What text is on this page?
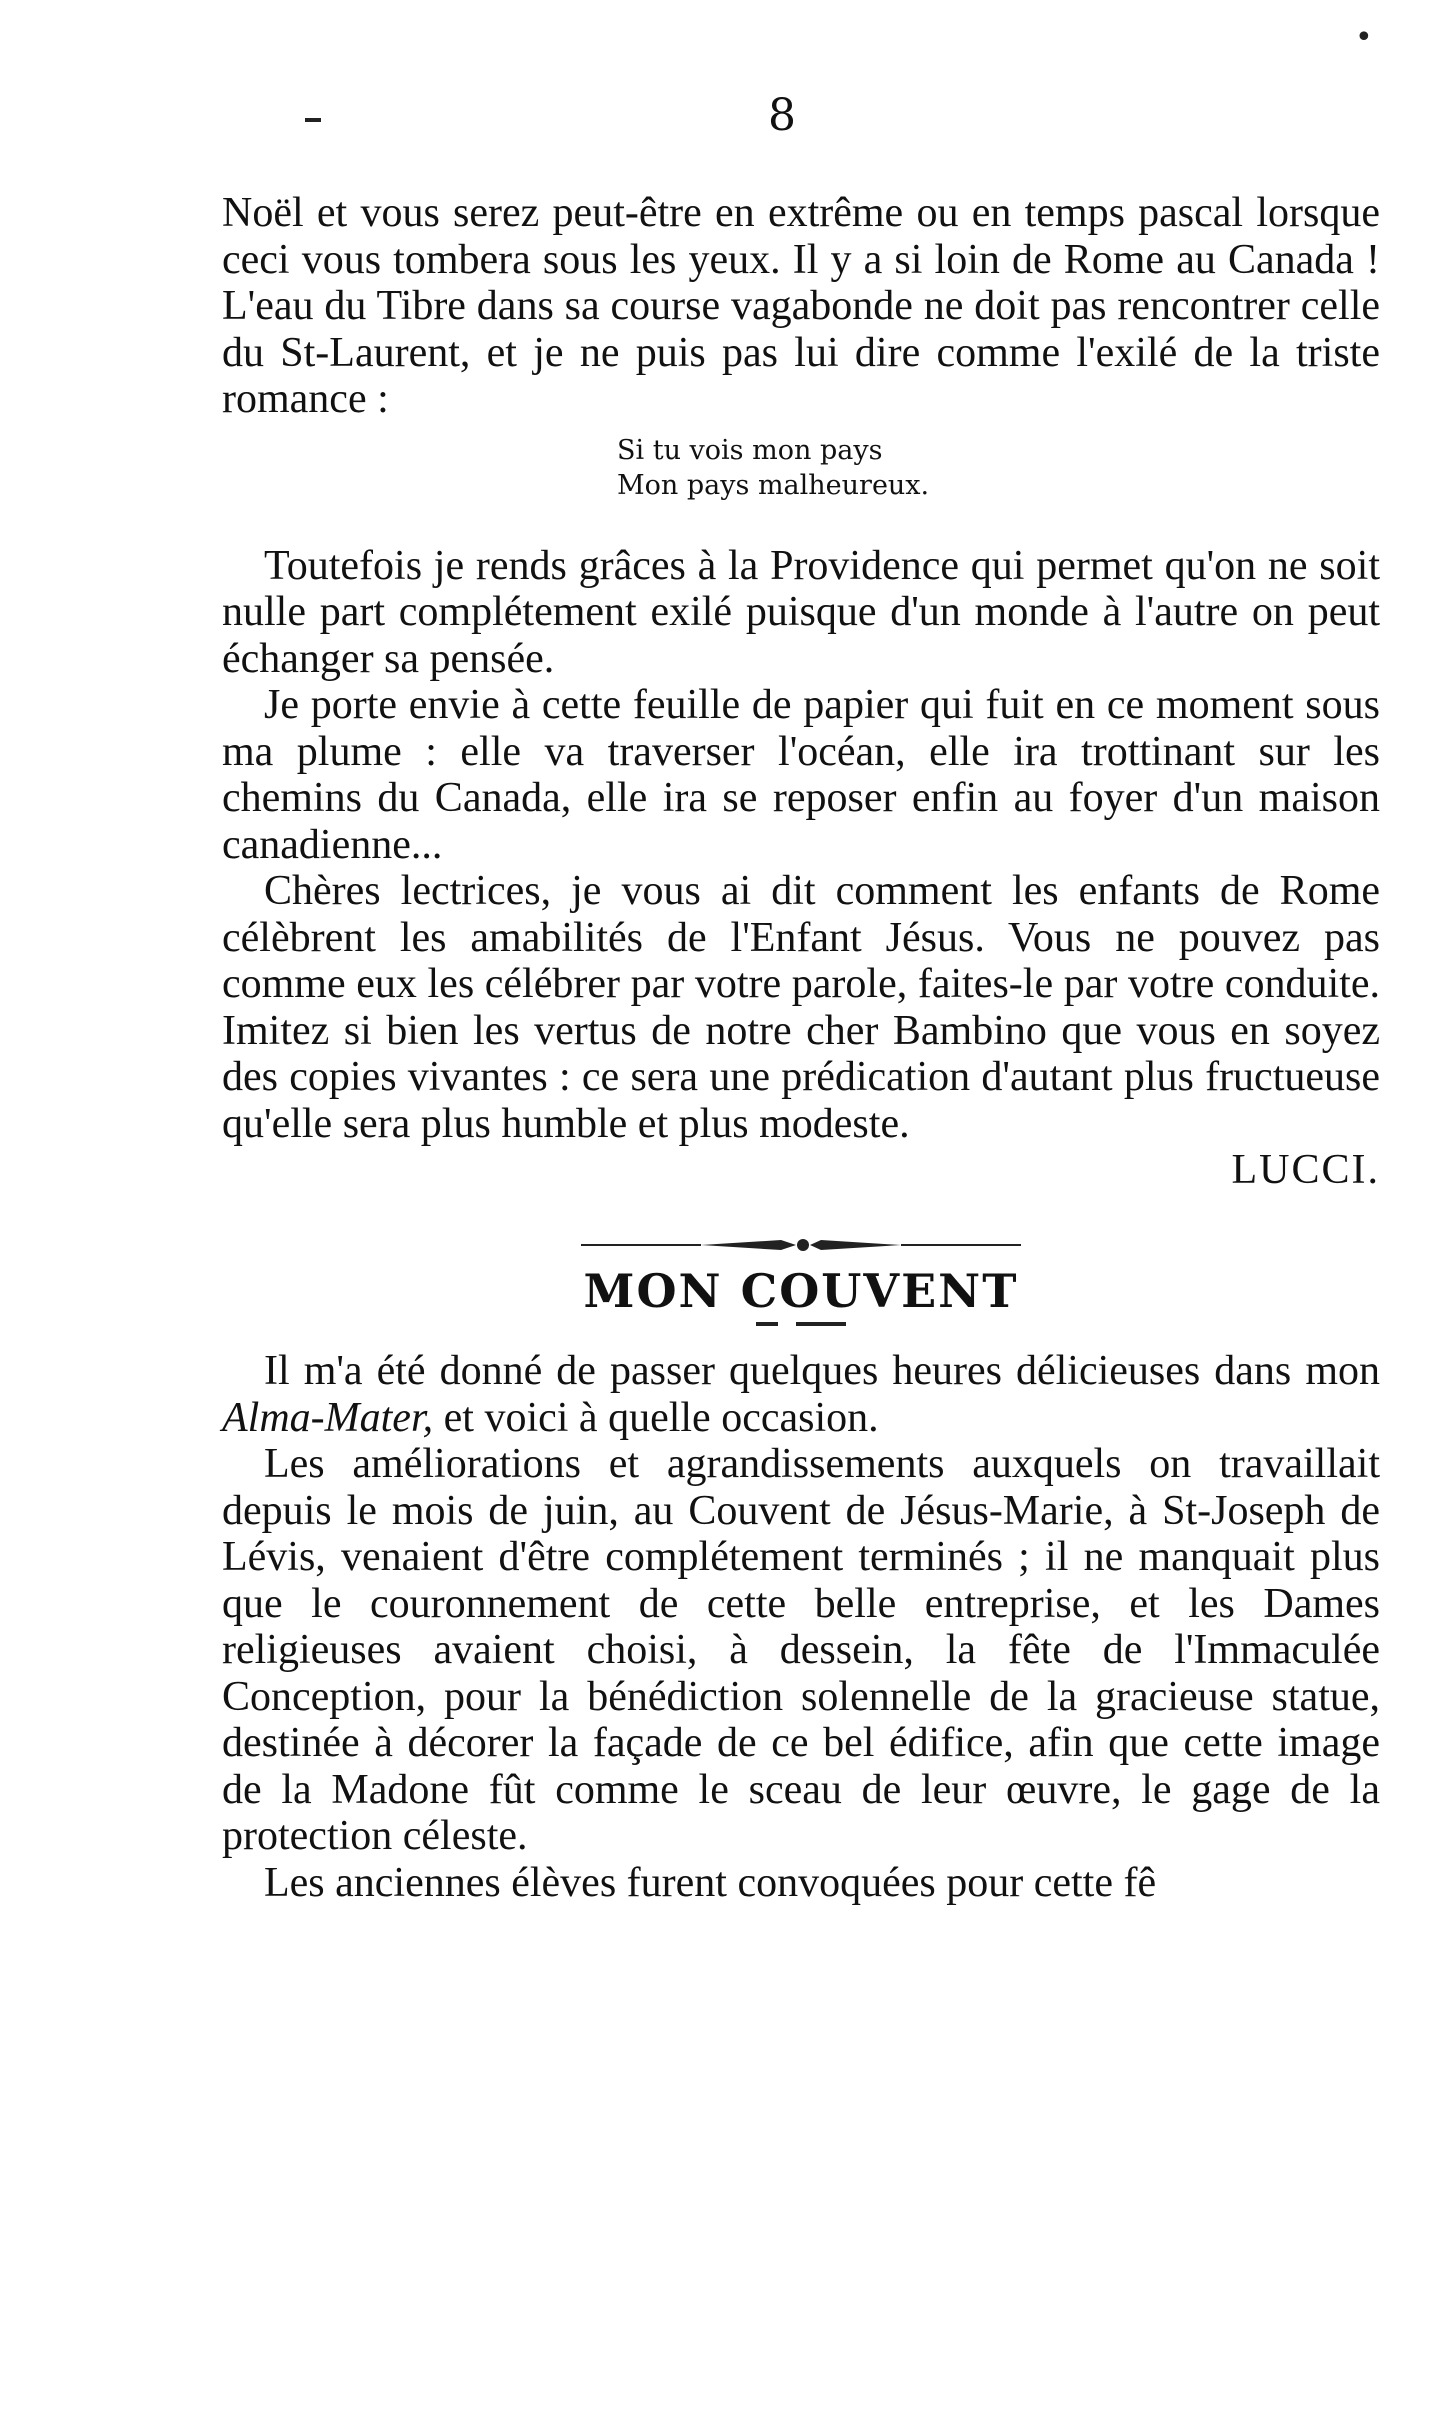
•
8

Noël et vous serez peut-être en extrême ou en temps pascal lorsque ceci vous tombera sous les yeux. Il y a si loin de Rome au Canada ! L'eau du Tibre dans sa course vagabonde ne doit pas rencontrer celle du St-Laurent, et je ne puis pas lui dire comme l'exilé de la triste romance :

Si tu vois mon pays
Mon pays malheureux.

Toutefois je rends grâces à la Providence qui permet qu'on ne soit nulle part complétement exilé puisque d'un monde à l'autre on peut échanger sa pensée.

Je porte envie à cette feuille de papier qui fuit en ce moment sous ma plume : elle va traverser l'océan, elle ira trottinant sur les chemins du Canada, elle ira se reposer enfin au foyer d'un maison canadienne...

Chères lectrices, je vous ai dit comment les enfants de Rome célèbrent les amabilités de l'Enfant Jésus. Vous ne pouvez pas comme eux les célébrer par votre parole, faites-le par votre conduite. Imitez si bien les vertus de notre cher Bambino que vous en soyez des copies vivantes : ce sera une prédication d'autant plus fructueuse qu'elle sera plus humble et plus modeste.

LUCCI.

MON COUVENT

Il m'a été donné de passer quelques heures délicieuses dans mon Alma-Mater, et voici à quelle occasion.

Les améliorations et agrandissements auxquels on travaillait depuis le mois de juin, au Couvent de Jésus-Marie, à St-Joseph de Lévis, venaient d'être complétement terminés ; il ne manquait plus que le couronnement de cette belle entreprise, et les Dames religieuses avaient choisi, à dessein, la fête de l'Immaculée Conception, pour la bénédiction solennelle de la gracieuse statue, destinée à décorer la façade de ce bel édifice, afin que cette image de la Madone fût comme le sceau de leur œuvre, le gage de la protection céleste.

Les anciennes élèves furent convoquées pour cette fê
